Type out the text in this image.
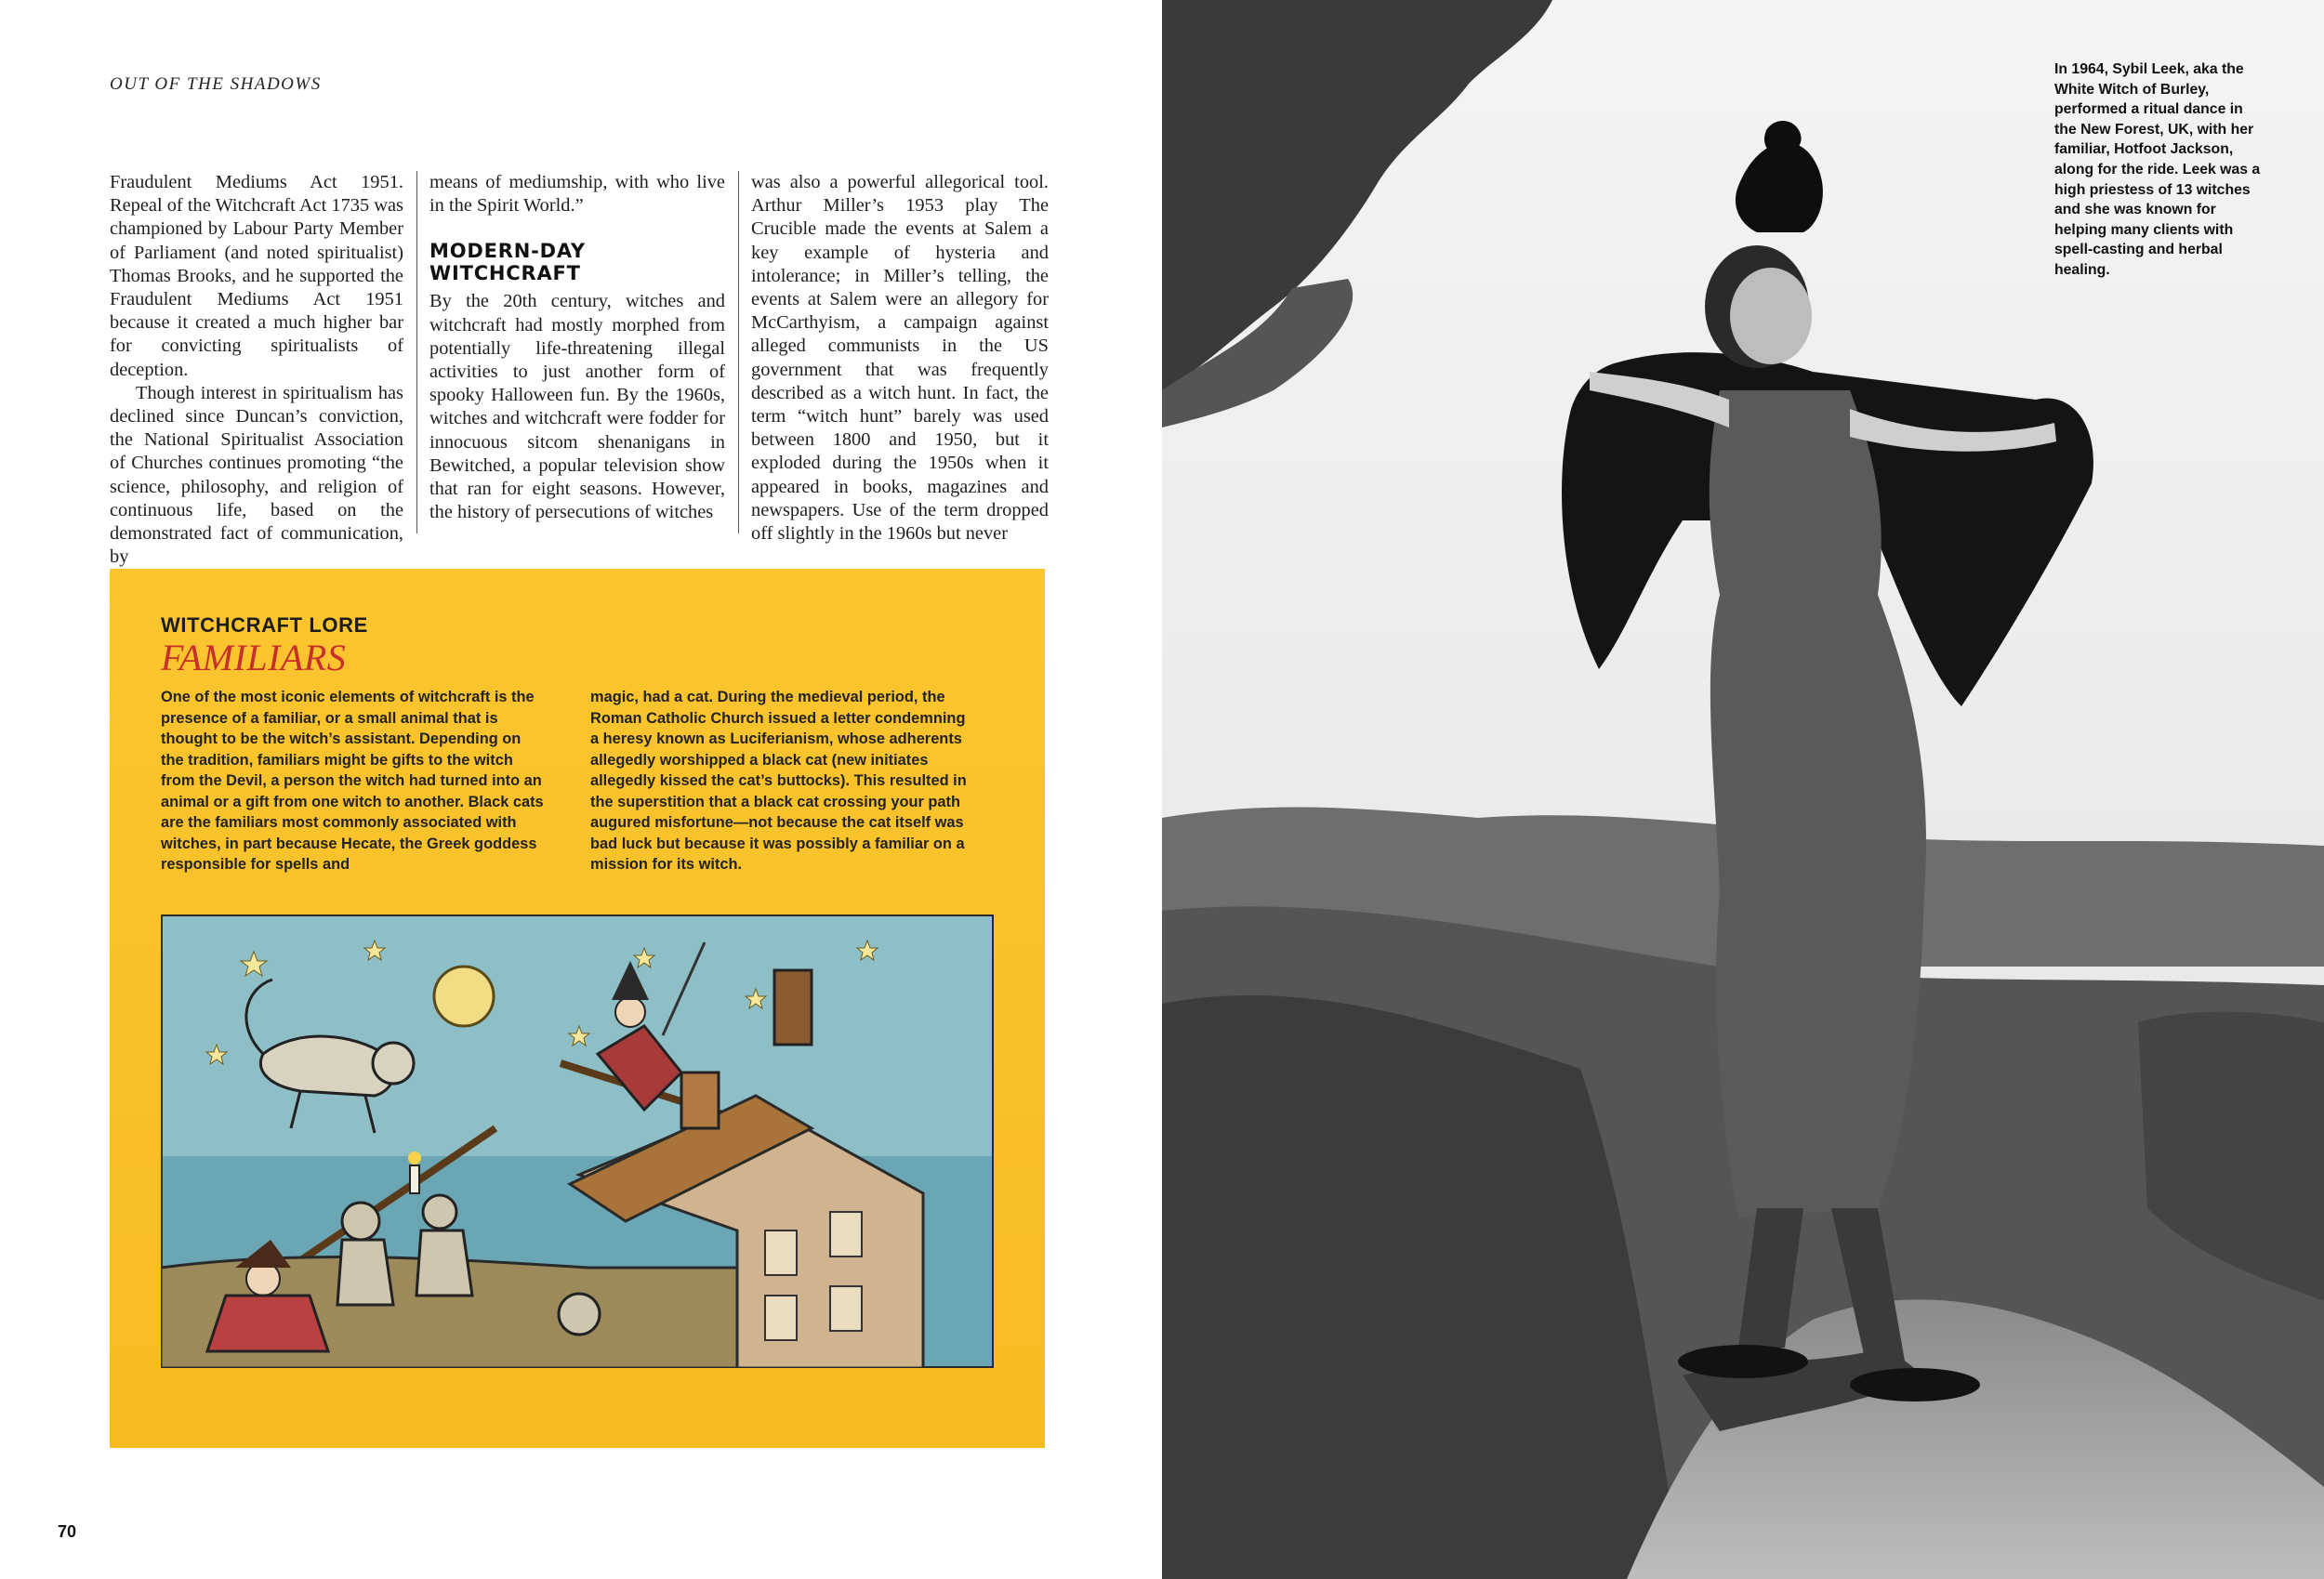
OUT OF THE SHADOWS

Fraudulent Mediums Act 1951. Repeal of the Witchcraft Act 1735 was championed by Labour Party Member of Parliament (and noted spiritualist) Thomas Brooks, and he supported the Fraudulent Mediums Act 1951 because it created a much higher bar for convicting spiritualists of deception.

Though interest in spiritualism has declined since Duncan’s conviction, the National Spiritualist Association of Churches continues promoting “the science, philosophy, and religion of continuous life, based on the demonstrated fact of communication, by

means of mediumship, with who live in the Spirit World.”

MODERN-DAY WITCHCRAFT

By the 20th century, witches and witchcraft had mostly morphed from potentially life-threatening illegal activities to just another form of spooky Halloween fun. By the 1960s, witches and witchcraft were fodder for innocuous sitcom shenanigans in Bewitched, a popular television show that ran for eight seasons. However, the history of persecutions of witches

was also a powerful allegorical tool. Arthur Miller’s 1953 play The Crucible made the events at Salem a key example of hysteria and intolerance; in Miller’s telling, the events at Salem were an allegory for McCarthyism, a campaign against alleged communists in the US government that was frequently described as a witch hunt. In fact, the term “witch hunt” barely was used between 1800 and 1950, but it exploded during the 1950s when it appeared in books, magazines and newspapers. Use of the term dropped off slightly in the 1960s but never

WITCHCRAFT LORE
FAMILIARS

One of the most iconic elements of witchcraft is the presence of a familiar, or a small animal that is thought to be the witch’s assistant. Depending on the tradition, familiars might be gifts to the witch from the Devil, a person the witch had turned into an animal or a gift from one witch to another. Black cats are the familiars most commonly associated with witches, in part because Hecate, the Greek goddess responsible for spells and

magic, had a cat. During the medieval period, the Roman Catholic Church issued a letter condemning a heresy known as Luciferianism, whose adherents allegedly worshipped a black cat (new initiates allegedly kissed the cat’s buttocks). This resulted in the superstition that a black cat crossing your path augured misfortune—not because the cat itself was bad luck but because it was possibly a familiar on a mission for its witch.

70
In 1964, Sybil Leek, aka the White Witch of Burley, performed a ritual dance in the New Forest, UK, with her familiar, Hotfoot Jackson, along for the ride. Leek was a high priestess of 13 witches and she was known for helping many clients with spell-casting and herbal healing.
